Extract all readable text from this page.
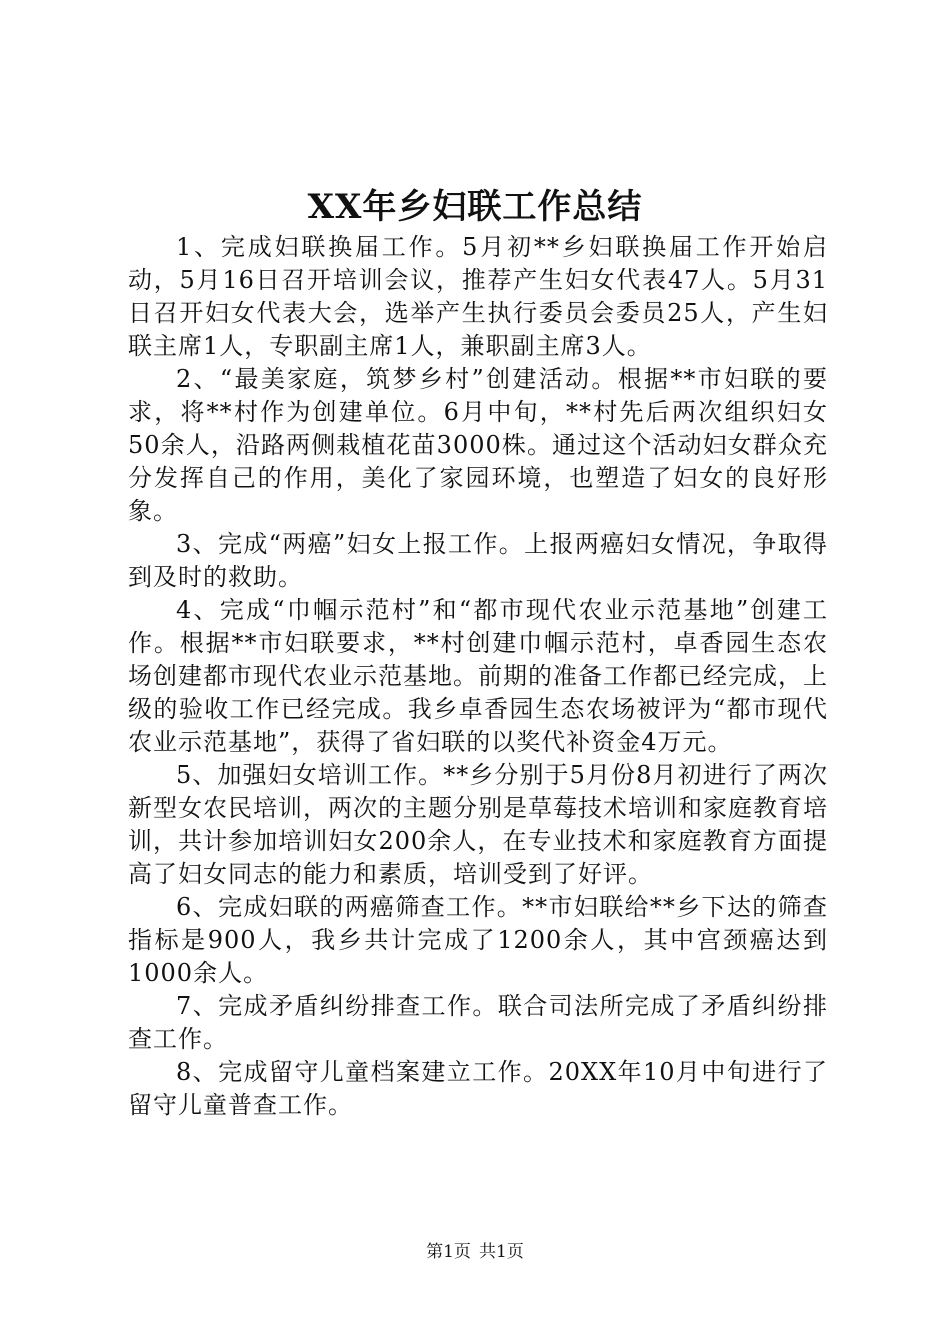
XX年乡妇联工作总结

1、完成妇联换届工作。5月初**乡妇联换届工作开始启动，5月16日召开培训会议，推荐产生妇女代表47人。5月31日召开妇女代表大会，选举产生执行委员会委员25人，产生妇联主席1人，专职副主席1人，兼职副主席3人。

2、“最美家庭，筑梦乡村”创建活动。根据**市妇联的要求，将**村作为创建单位。6月中旬，**村先后两次组织妇女50余人，沿路两侧栽植花苗3000株。通过这个活动妇女群众充分发挥自己的作用，美化了家园环境，也塑造了妇女的良好形象。

3、完成“两癌”妇女上报工作。上报两癌妇女情况，争取得到及时的救助。

4、完成“巾帼示范村”和“都市现代农业示范基地”创建工作。根据**市妇联要求，**村创建巾帼示范村，卓香园生态农场创建都市现代农业示范基地。前期的准备工作都已经完成，上级的验收工作已经完成。我乡卓香园生态农场被评为“都市现代农业示范基地”，获得了省妇联的以奖代补资金4万元。

5、加强妇女培训工作。**乡分别于5月份8月初进行了两次新型女农民培训，两次的主题分别是草莓技术培训和家庭教育培训，共计参加培训妇女200余人，在专业技术和家庭教育方面提高了妇女同志的能力和素质，培训受到了好评。

6、完成妇联的两癌筛查工作。**市妇联给**乡下达的筛查指标是900人，我乡共计完成了1200余人，其中宫颈癌达到1000余人。

7、完成矛盾纠纷排查工作。联合司法所完成了矛盾纠纷排查工作。

8、完成留守儿童档案建立工作。20XX年10月中旬进行了留守儿童普查工作。

第1页 共1页
